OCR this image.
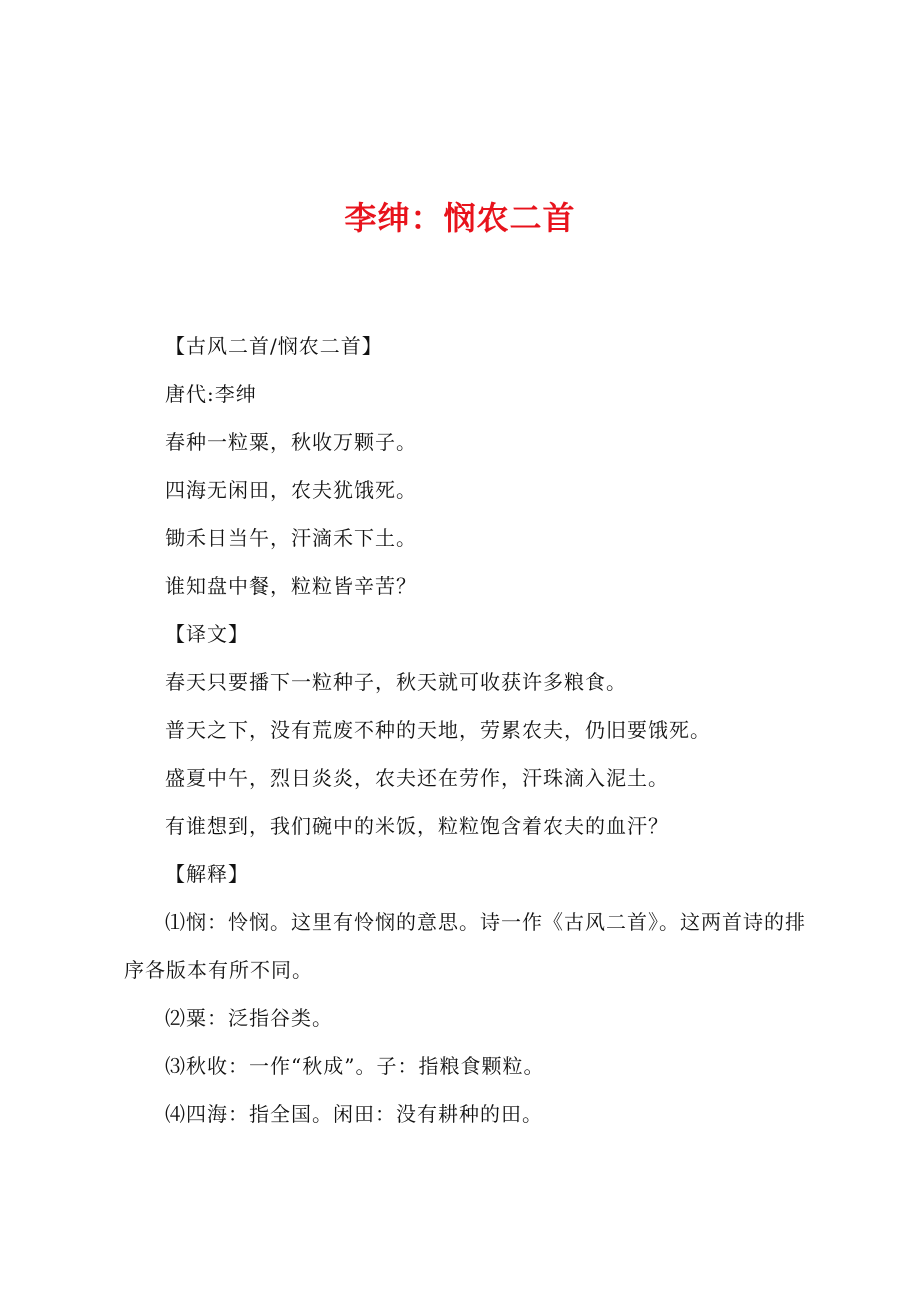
李绅：悯农二首
【古风二首/悯农二首】
唐代:李绅
春种一粒粟，秋收万颗子。
四海无闲田，农夫犹饿死。
锄禾日当午，汗滴禾下土。
谁知盘中餐，粒粒皆辛苦？
【译文】
春天只要播下一粒种子，秋天就可收获许多粮食。
普天之下，没有荒废不种的天地，劳累农夫，仍旧要饿死。
盛夏中午，烈日炎炎，农夫还在劳作，汗珠滴入泥土。
有谁想到，我们碗中的米饭，粒粒饱含着农夫的血汗？
【解释】
⑴悯：怜悯。这里有怜悯的意思。诗一作《古风二首》。这两首诗的排序各版本有所不同。
⑵粟：泛指谷类。
⑶秋收：一作“秋成”。子：指粮食颗粒。
⑷四海：指全国。闲田：没有耕种的田。
